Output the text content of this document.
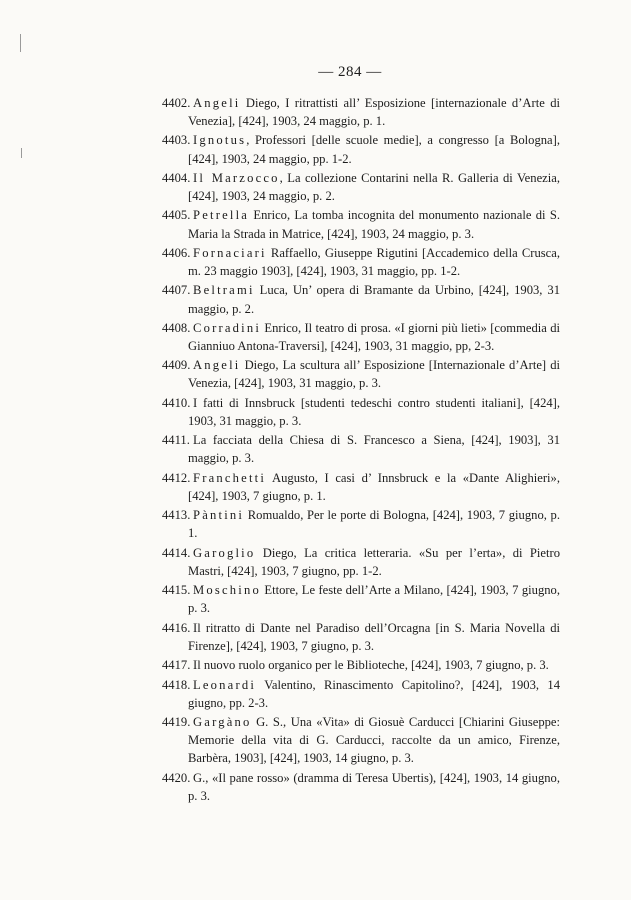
— 284 —
4402. Angeli Diego, I ritrattisti all’ Esposizione [internazionale d’Arte di Venezia], [424], 1903, 24 maggio, p. 1.
4403. Ignotus, Professori [delle scuole medie], a congresso [a Bologna], [424], 1903, 24 maggio, pp. 1-2.
4404. Il Marzocco, La collezione Contarini nella R. Galleria di Venezia, [424], 1903, 24 maggio, p. 2.
4405. Petrella Enrico, La tomba incognita del monumento nazionale di S. Maria la Strada in Matrice, [424], 1903, 24 maggio, p. 3.
4406. Fornaciari Raffaello, Giuseppe Rigutini [Accademico della Crusca, m. 23 maggio 1903], [424], 1903, 31 maggio, pp. 1-2.
4407. Beltrami Luca, Un’ opera di Bramante da Urbino, [424], 1903, 31 maggio, p. 2.
4408. Corradini Enrico, Il teatro di prosa. «I giorni più lieti» [commedia di Gianniuo Antona-Traversi], [424], 1903, 31 maggio, pp, 2-3.
4409. Angeli Diego, La scultura all’ Esposizione [Internazionale d’Arte] di Venezia, [424], 1903, 31 maggio, p. 3.
4410. I fatti di Innsbruck [studenti tedeschi contro studenti italiani], [424], 1903, 31 maggio, p. 3.
4411. La facciata della Chiesa di S. Francesco a Siena, [424], 1903], 31 maggio, p. 3.
4412. Franchetti Augusto, I casi d’ Innsbruck e la «Dante Alighieri», [424], 1903, 7 giugno, p. 1.
4413. Pàntini Romualdo, Per le porte di Bologna, [424], 1903, 7 giugno, p. 1.
4414. Garoglio Diego, La critica letteraria. «Su per l’erta», di Pietro Mastri, [424], 1903, 7 giugno, pp. 1-2.
4415. Moschino Ettore, Le feste dell’Arte a Milano, [424], 1903, 7 giugno, p. 3.
4416. Il ritratto di Dante nel Paradiso dell’Orcagna [in S. Maria Novella di Firenze], [424], 1903, 7 giugno, p. 3.
4417. Il nuovo ruolo organico per le Biblioteche, [424], 1903, 7 giugno, p. 3.
4418. Leonardi Valentino, Rinascimento Capitolino?, [424], 1903, 14 giugno, pp. 2-3.
4419. Gargàno G. S., Una «Vita» di Giosuè Carducci [Chiarini Giuseppe: Memorie della vita di G. Carducci, raccolte da un amico, Firenze, Barbèra, 1903], [424], 1903, 14 giugno, p. 3.
4420. G., «Il pane rosso» (dramma di Teresa Ubertis), [424], 1903, 14 giugno, p. 3.
